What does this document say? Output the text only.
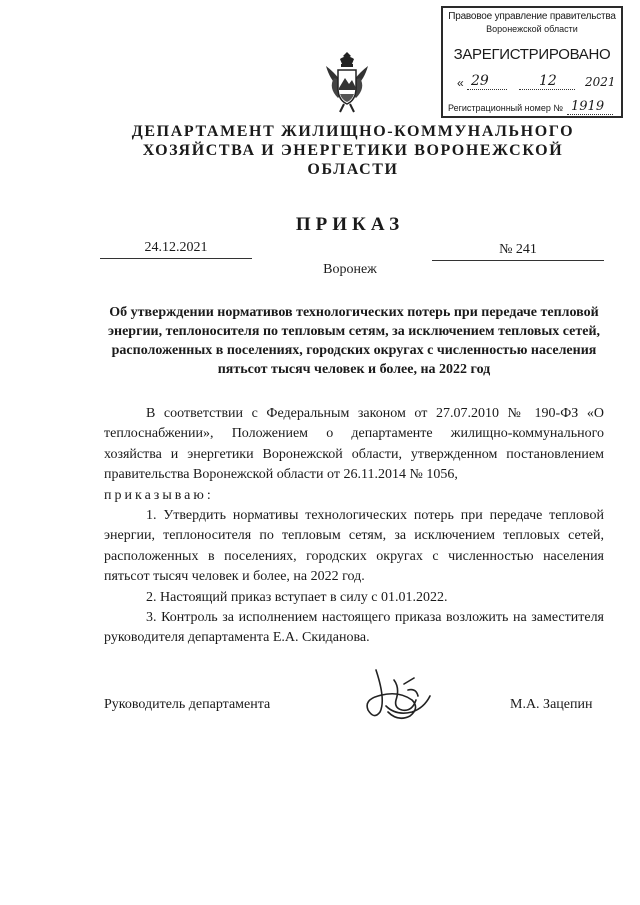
Правовое управление правительства
Воронежской области
ЗАРЕГИСТРИРОВАНО
« 29	12 2021
Регистрационный номер № 1919
ДЕПАРТАМЕНТ ЖИЛИЩНО-КОММУНАЛЬНОГО ХОЗЯЙСТВА И ЭНЕРГЕТИКИ ВОРОНЕЖСКОЙ ОБЛАСТИ
ПРИКАЗ
24.12.2021	№ 241
Воронеж
Об утверждении нормативов технологических потерь при передаче тепловой энергии, теплоносителя по тепловым сетям, за исключением тепловых сетей, расположенных в поселениях, городских округах с численностью населения пятьсот тысяч человек и более, на 2022 год

В соответствии с Федеральным законом от 27.07.2010 № 190-ФЗ «О теплоснабжении», Положением о департаменте жилищно-коммунального хозяйства и энергетики Воронежской области, утвержденном постановлением правительства Воронежской области от 26.11.2014 № 1056,

приказываю:

1. Утвердить нормативы технологических потерь при передаче тепловой энергии, теплоносителя по тепловым сетям, за исключением тепловых сетей, расположенных в поселениях, городских округах с численностью населения пятьсот тысяч человек и более, на 2022 год.

2. Настоящий приказ вступает в силу с 01.01.2022.

3. Контроль за исполнением настоящего приказа возложить на заместителя руководителя департамента Е.А. Скиданова.

Руководитель департамента	М.А. Зацепин
